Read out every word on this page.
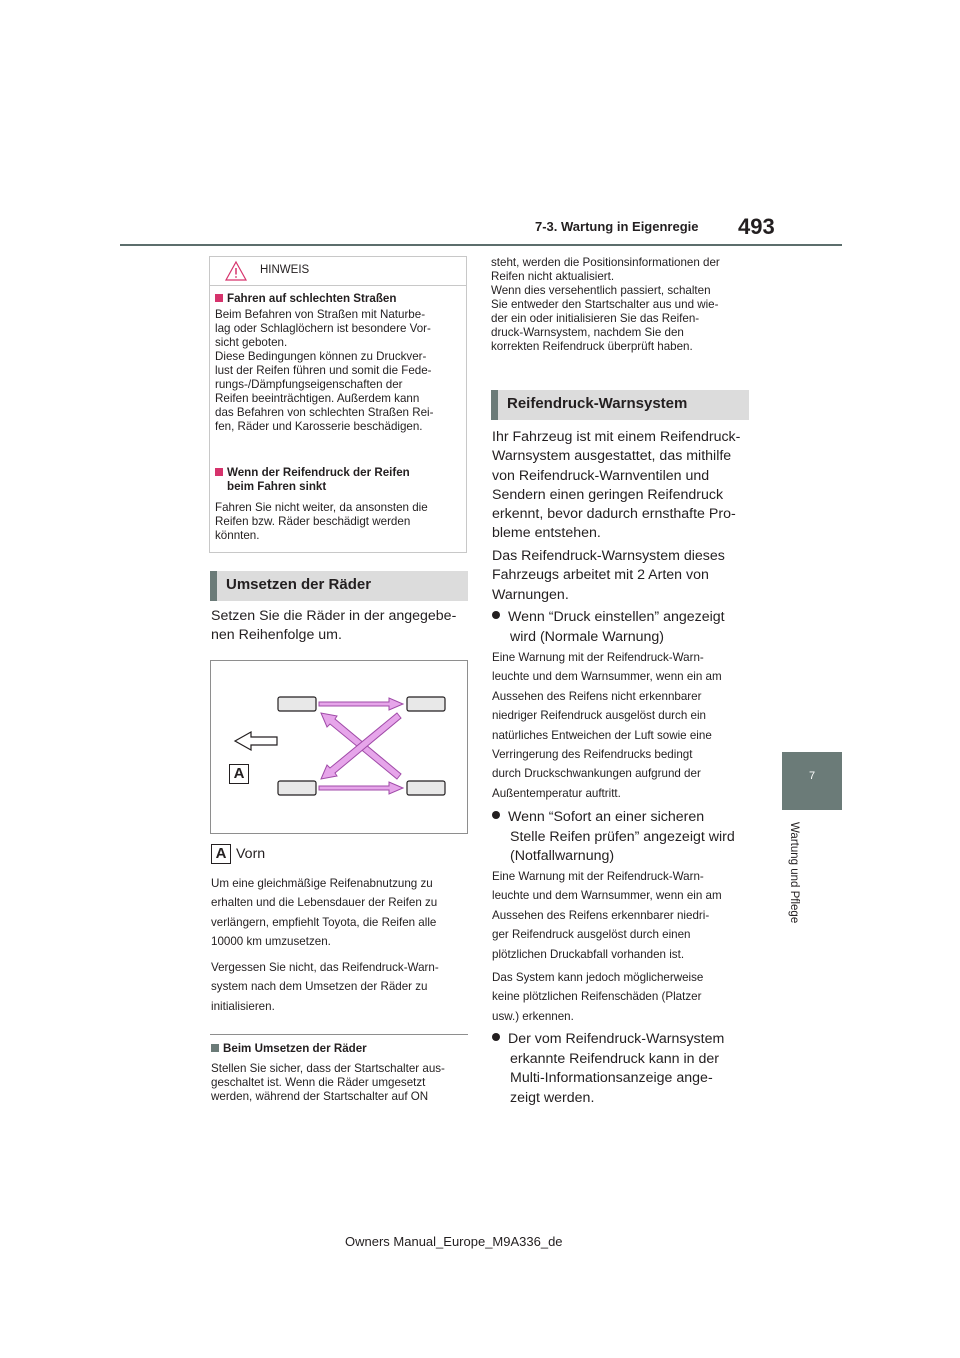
7-3. Wartung in Eigenregie 493
7
Wartung und Pflege
HINWEIS
Fahren auf schlechten Straßen
Beim Befahren von Straßen mit Naturbe-
lag oder Schlaglöchern ist besondere Vor-
sicht geboten.
Diese Bedingungen können zu Druckver-
lust der Reifen führen und somit die Fede-
rungs-/Dämpfungseigenschaften der
Reifen beeinträchtigen. Außerdem kann
das Befahren von schlechten Straßen Rei-
fen, Räder und Karosserie beschädigen.
Wenn der Reifendruck der Reifen
beim Fahren sinkt
Fahren Sie nicht weiter, da ansonsten die
Reifen bzw. Räder beschädigt werden
könnten.
Umsetzen der Räder
Setzen Sie die Räder in der angegebe-
nen Reihenfolge um.
A
A Vorn
Um eine gleichmäßige Reifenabnutzung zu
erhalten und die Lebensdauer der Reifen zu
verlängern, empfiehlt Toyota, die Reifen alle
10000 km umzusetzen.
Vergessen Sie nicht, das Reifendruck-Warn-
system nach dem Umsetzen der Räder zu
initialisieren.
Beim Umsetzen der Räder
Stellen Sie sicher, dass der Startschalter aus-
geschaltet ist. Wenn die Räder umgesetzt
werden, während der Startschalter auf ON
steht, werden die Positionsinformationen der
Reifen nicht aktualisiert.
Wenn dies versehentlich passiert, schalten
Sie entweder den Startschalter aus und wie-
der ein oder initialisieren Sie das Reifen-
druck-Warnsystem, nachdem Sie den
korrekten Reifendruck überprüft haben.
Reifendruck-Warnsystem
Ihr Fahrzeug ist mit einem Reifendruck-
Warnsystem ausgestattet, das mithilfe
von Reifendruck-Warnventilen und
Sendern einen geringen Reifendruck
erkennt, bevor dadurch ernsthafte Pro-
bleme entstehen.
Das Reifendruck-Warnsystem dieses
Fahrzeugs arbeitet mit 2 Arten von
Warnungen.
Wenn “Druck einstellen” angezeigt
wird (Normale Warnung)
Eine Warnung mit der Reifendruck-Warn-
leuchte und dem Warnsummer, wenn ein am
Aussehen des Reifens nicht erkennbarer
niedriger Reifendruck ausgelöst durch ein
natürliches Entweichen der Luft sowie eine
Verringerung des Reifendrucks bedingt
durch Druckschwankungen aufgrund der
Außentemperatur auftritt.
Wenn “Sofort an einer sicheren
Stelle Reifen prüfen” angezeigt wird
(Notfallwarnung)
Eine Warnung mit der Reifendruck-Warn-
leuchte und dem Warnsummer, wenn ein am
Aussehen des Reifens erkennbarer niedri-
ger Reifendruck ausgelöst durch einen
plötzlichen Druckabfall vorhanden ist.
Das System kann jedoch möglicherweise
keine plötzlichen Reifenschäden (Platzer
usw.) erkennen.
Der vom Reifendruck-Warnsystem
erkannte Reifendruck kann in der
Multi-Informationsanzeige ange-
zeigt werden.
Owners Manual_Europe_M9A336_de
